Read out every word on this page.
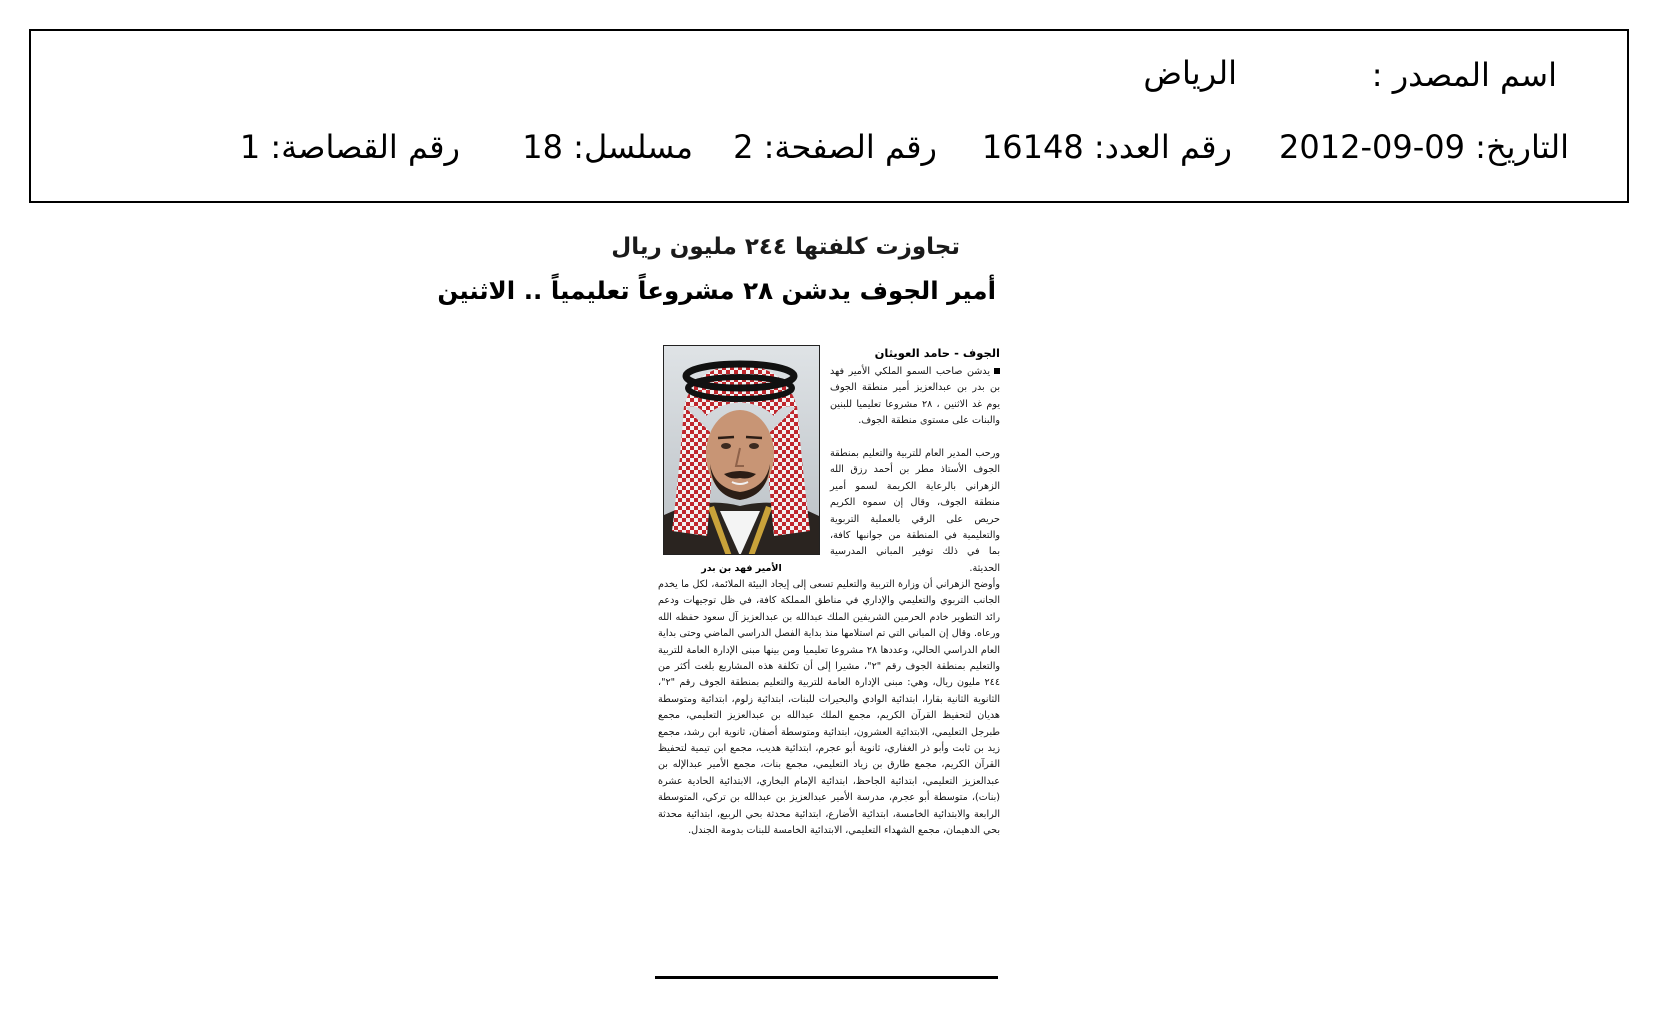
اسم المصدر :
الرياض
التاريخ: 09-09-2012
رقم العدد: 16148
رقم الصفحة: 2
مسلسل: 18
رقم القصاصة: 1
تجاوزت كلفتها ٢٤٤ مليون ريال
أمير الجوف يدشن ٢٨ مشروعاً تعليمياً .. الاثنين
الجوف - حامد العويثان
الأمير فهد بن بدر

يدشن صاحب السمو الملكي الأمير فهد بن بدر بن عبدالعزيز أمير منطقة الجوف يوم غد الاثنين ، ٢٨ مشروعا تعليميا للبنين والبنات على مستوى منطقة الجوف.

ورحب المدير العام للتربية والتعليم بمنطقة الجوف الأستاذ مطر بن أحمد رزق الله الزهراني بالرعاية الكريمة لسمو أمير منطقة الجوف، وقال إن سموه الكريم حريص على الرقي بالعملية التربوية والتعليمية في المنطقة من جوانبها كافة، بما في ذلك توفير المباني المدرسية الحديثة.

وأوضح الزهراني أن وزارة التربية والتعليم تسعى إلى إيجاد البيئة الملائمة، لكل ما يخدم الجانب التربوي والتعليمي والإداري في مناطق المملكة كافة، في ظل توجيهات ودعم رائد التطوير خادم الحرمين الشريفين الملك عبدالله بن عبدالعزيز آل سعود حفظه الله ورعاه. وقال إن المباني التي تم استلامها منذ بداية الفصل الدراسي الماضي وحتى بداية العام الدراسي الحالي، وعددها ٢٨ مشروعا تعليميا ومن بينها مبنى الإدارة العامة للتربية والتعليم بمنطقة الجوف رقم "٢"، مشيرا إلى أن تكلفة هذه المشاريع بلغت أكثر من ٢٤٤ مليون ريال، وهي: مبنى الإدارة العامة للتربية والتعليم بمنطقة الجوف رقم "٢"، الثانوية الثانية بقارا، ابتدائية الوادي والبحيرات للبنات، ابتدائية زلوم، ابتدائية ومتوسطة هديان لتحفيظ القرآن الكريم، مجمع الملك عبدالله بن عبدالعزيز التعليمي، مجمع طبرجل التعليمي، الابتدائية العشرون، ابتدائية ومتوسطة أصفان، ثانوية ابن رشد، مجمع زيد بن ثابت وأبو ذر الغفاري، ثانوية أبو عجرم، ابتدائية هديب، مجمع ابن تيمية لتحفيظ القرآن الكريم، مجمع طارق بن زياد التعليمي، مجمع بنات، مجمع الأمير عبدالإله بن عبدالعزيز التعليمي، ابتدائية الجاحظ، ابتدائية الإمام البخاري، الابتدائية الحادية عشرة (بنات)، متوسطة أبو عجرم، مدرسة الأمير عبدالعزيز بن عبدالله بن تركي، المتوسطة الرابعة والابتدائية الخامسة، ابتدائية الأضارع، ابتدائية محدثة بحي الربيع، ابتدائية محدثة بحي الدهيمان، مجمع الشهداء التعليمي، الابتدائية الخامسة للبنات بدومة الجندل.
